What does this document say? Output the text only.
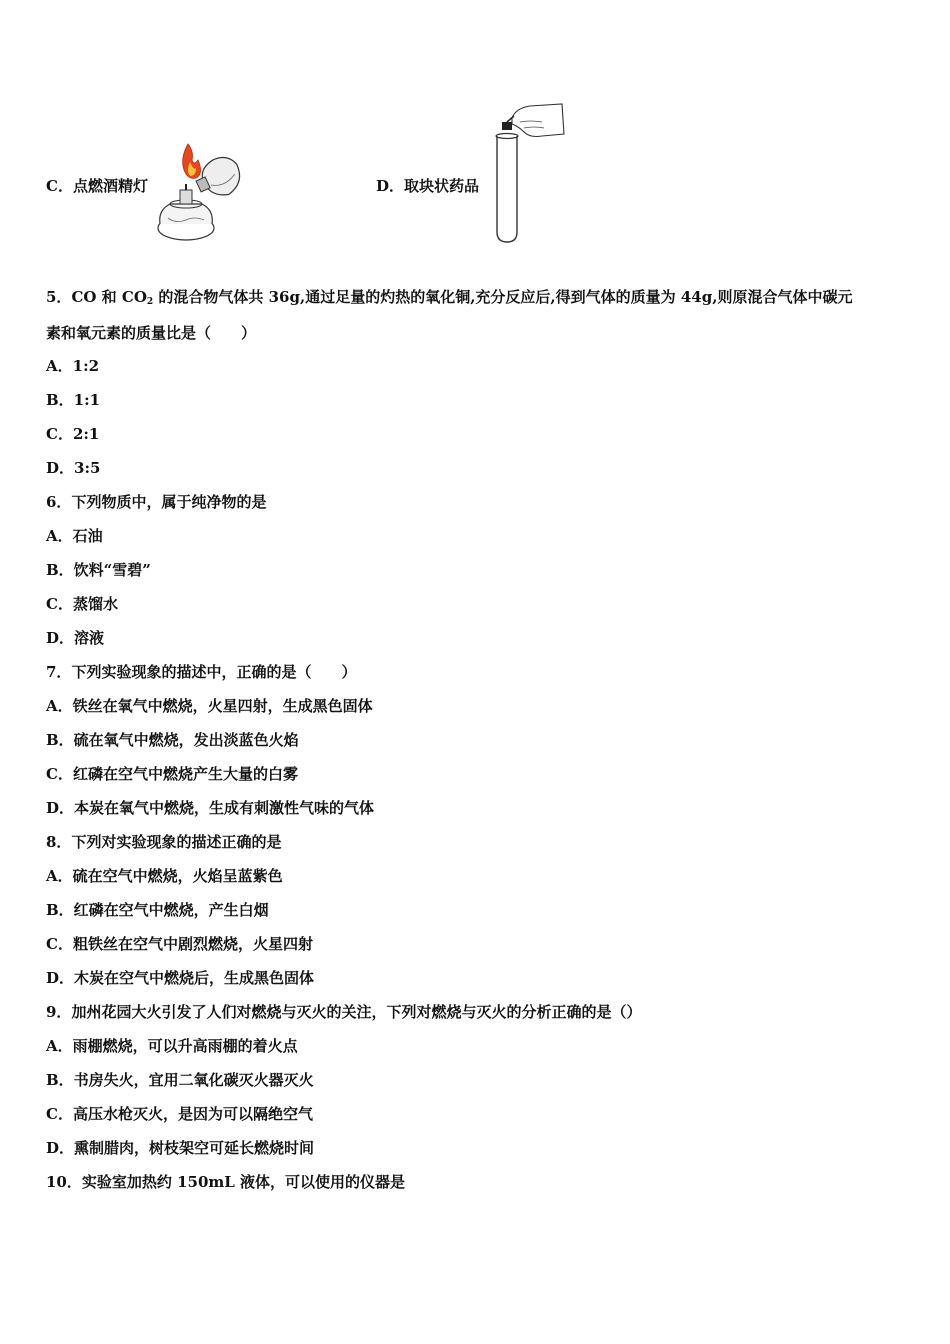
C．点燃酒精灯	D．取块状药品
5．CO 和 $CO_2$ 的混合物气体共 36g,通过足量的灼热的氧化铜,充分反应后,得到气体的质量为 44g,则原混合气体中碳元
素和氧元素的质量比是（　　）
A．1:2
B．1:1
C．2:1
D．3:5
6．下列物质中，属于纯净物的是
A．石油
B．饮料“雪碧”
C．蒸馏水
D．溶液
7．下列实验现象的描述中，正确的是（　　）
A．铁丝在氧气中燃烧，火星四射，生成黑色固体
B．硫在氧气中燃烧，发出淡蓝色火焰
C．红磷在空气中燃烧产生大量的白雾
D．本炭在氧气中燃烧，生成有刺激性气味的气体
8．下列对实验现象的描述正确的是
A．硫在空气中燃烧，火焰呈蓝紫色
B．红磷在空气中燃烧，产生白烟
C．粗铁丝在空气中剧烈燃烧，火星四射
D．木炭在空气中燃烧后，生成黑色固体
9．加州花园大火引发了人们对燃烧与灭火的关注，下列对燃烧与灭火的分析正确的是（）
A．雨棚燃烧，可以升高雨棚的着火点
B．书房失火，宜用二氧化碳灭火器灭火
C．高压水枪灭火，是因为可以隔绝空气
D．熏制腊肉，树枝架空可延长燃烧时间
10．实验室加热约 150mL 液体，可以使用的仪器是
